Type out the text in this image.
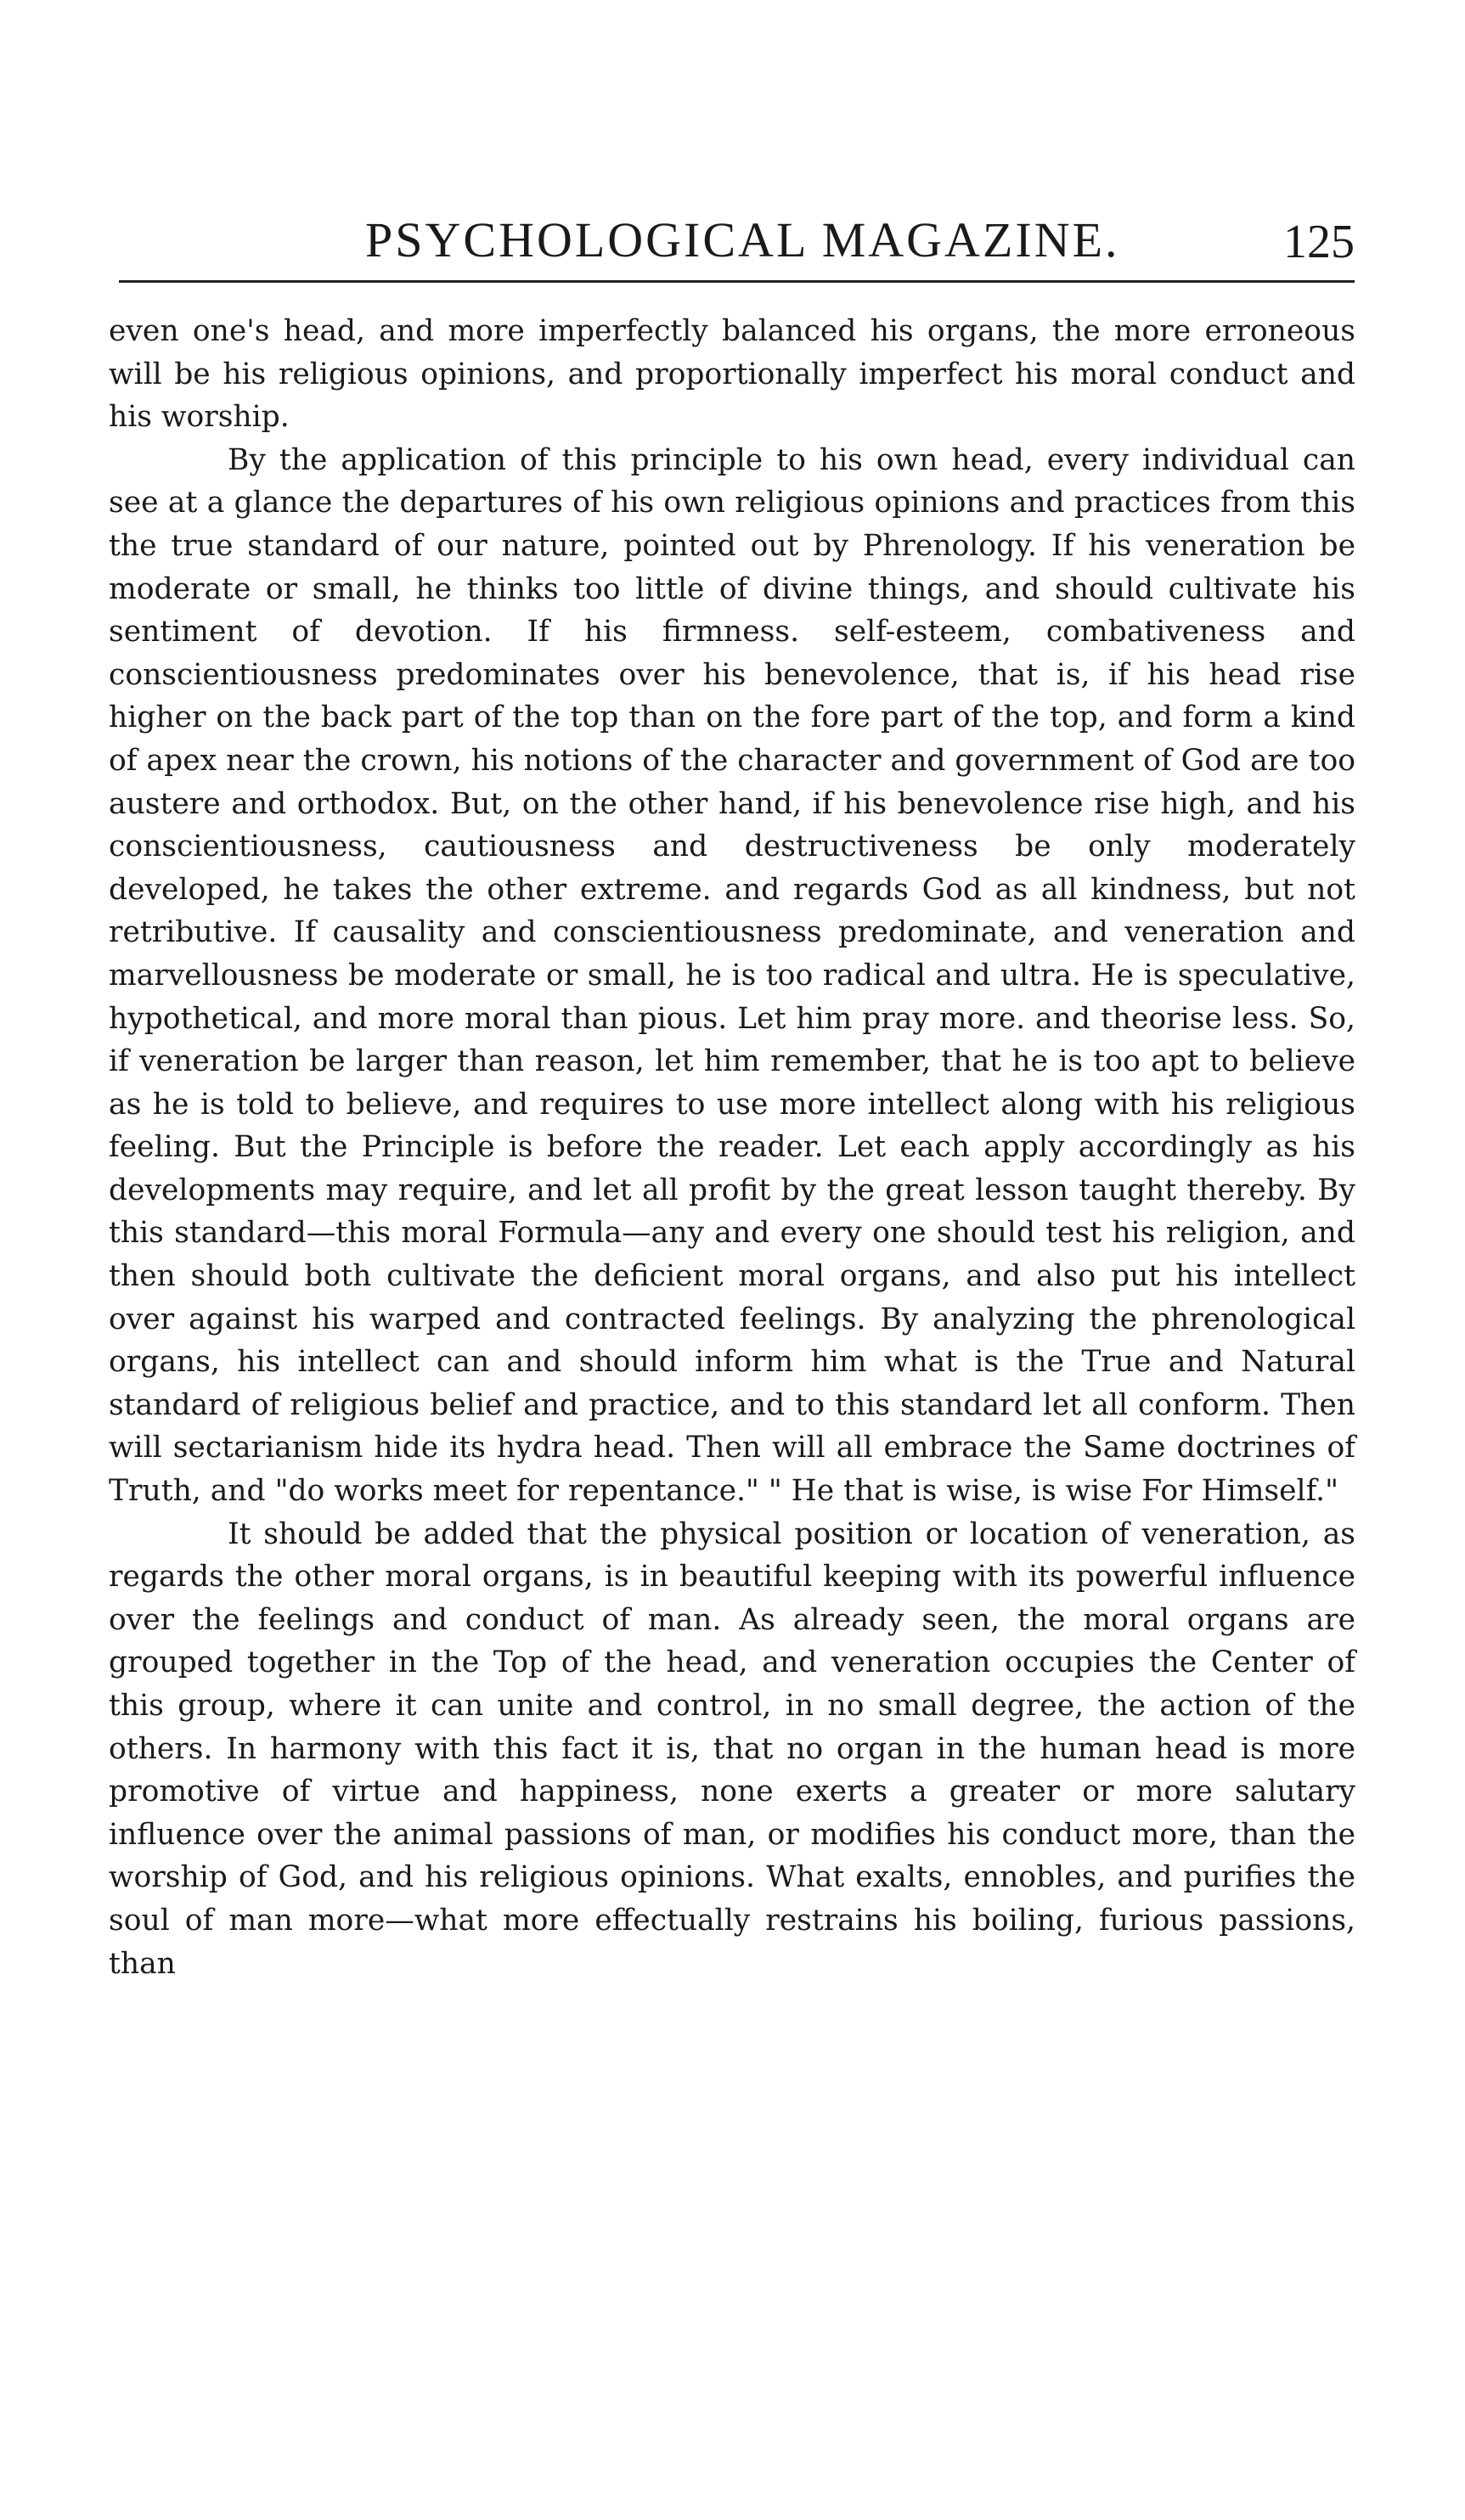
PSYCHOLOGICAL MAGAZINE.	125

even one's head, and more imperfectly balanced his organs, the more erroneous will be his religious opinions, and proportionally imperfect his moral conduct and his worship.

By the application of this principle to his own head, every individual can see at a glance the departures of his own religious opinions and practices from this the true standard of our nature, pointed out by Phrenology. If his veneration be moderate or small, he thinks too little of divine things, and should cultivate his sentiment of devotion. If his firmness. self-esteem, combativeness and conscientiousness predominates over his benevolence, that is, if his head rise higher on the back part of the top than on the fore part of the top, and form a kind of apex near the crown, his notions of the character and government of God are too austere and orthodox. But, on the other hand, if his benevolence rise high, and his conscientiousness, cautiousness and destructiveness be only moderately developed, he takes the other extreme. and regards God as all kindness, but not retributive. If causality and conscientiousness predominate, and veneration and marvellousness be moderate or small, he is too radical and ultra. He is speculative, hypothetical, and more moral than pious. Let him pray more. and theorise less. So, if veneration be larger than reason, let him remember, that he is too apt to believe as he is told to believe, and requires to use more intellect along with his religious feeling. But the Principle is before the reader. Let each apply accordingly as his developments may require, and let all profit by the great lesson taught thereby. By this standard—this moral Formula—any and every one should test his religion, and then should both cultivate the deficient moral organs, and also put his intellect over against his warped and contracted feelings. By analyzing the phrenological organs, his intellect can and should inform him what is the True and Natural standard of religious belief and practice, and to this standard let all conform. Then will sectarianism hide its hydra head. Then will all embrace the Same doctrines of Truth, and "do works meet for repentance." " He that is wise, is wise For Himself."

It should be added that the physical position or location of veneration, as regards the other moral organs, is in beautiful keeping with its powerful influence over the feelings and conduct of man. As already seen, the moral organs are grouped together in the Top of the head, and veneration occupies the Center of this group, where it can unite and control, in no small degree, the action of the others. In harmony with this fact it is, that no organ in the human head is more promotive of virtue and happiness, none exerts a greater or more salutary influence over the animal passions of man, or modifies his conduct more, than the worship of God, and his religious opinions. What exalts, ennobles, and purifies the soul of man more—what more effectually restrains his boiling, furious passions, than
